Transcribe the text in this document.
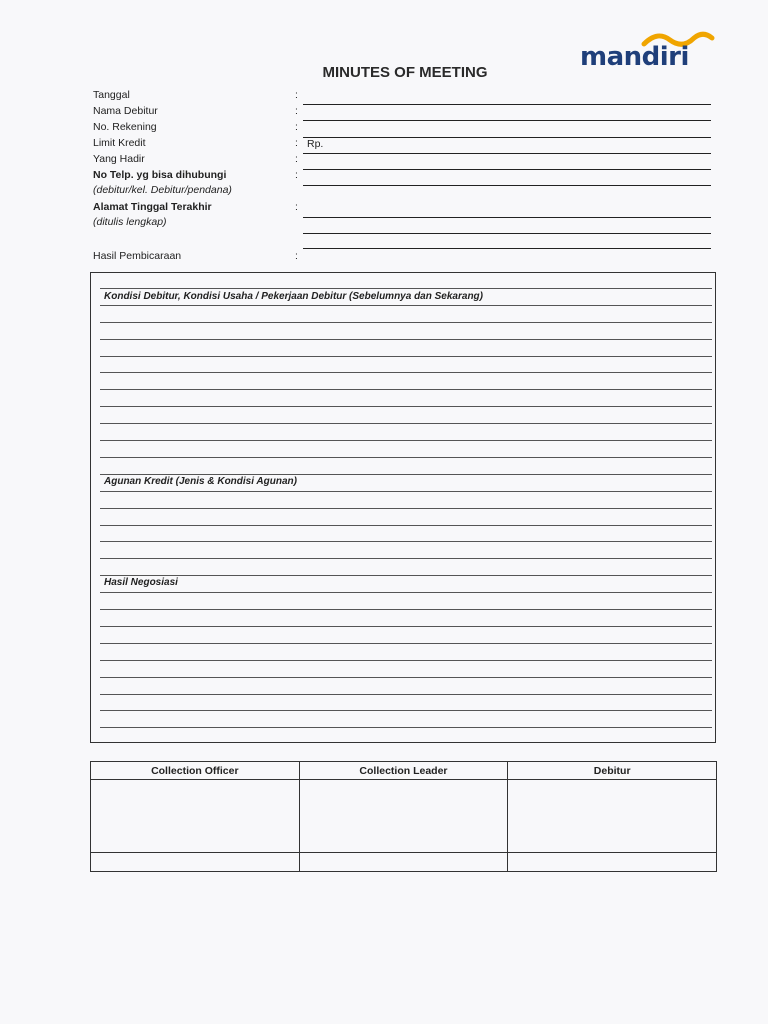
mandiri
MINUTES OF MEETING
Tanggal	:
Nama Debitur	:
No. Rekening	:
Limit Kredit	: Rp.
Yang Hadir	:
No Telp. yg bisa dihubungi	:
(debitur/kel. Debitur/pendana)
Alamat Tinggal Terakhir	:
(ditulis lengkap)
Hasil Pembicaraan	:
Kondisi Debitur, Kondisi Usaha / Pekerjaan Debitur (Sebelumnya dan Sekarang)
Agunan Kredit (Jenis & Kondisi Agunan)
Hasil Negosiasi
Collection Officer	Collection Leader	Debitur
